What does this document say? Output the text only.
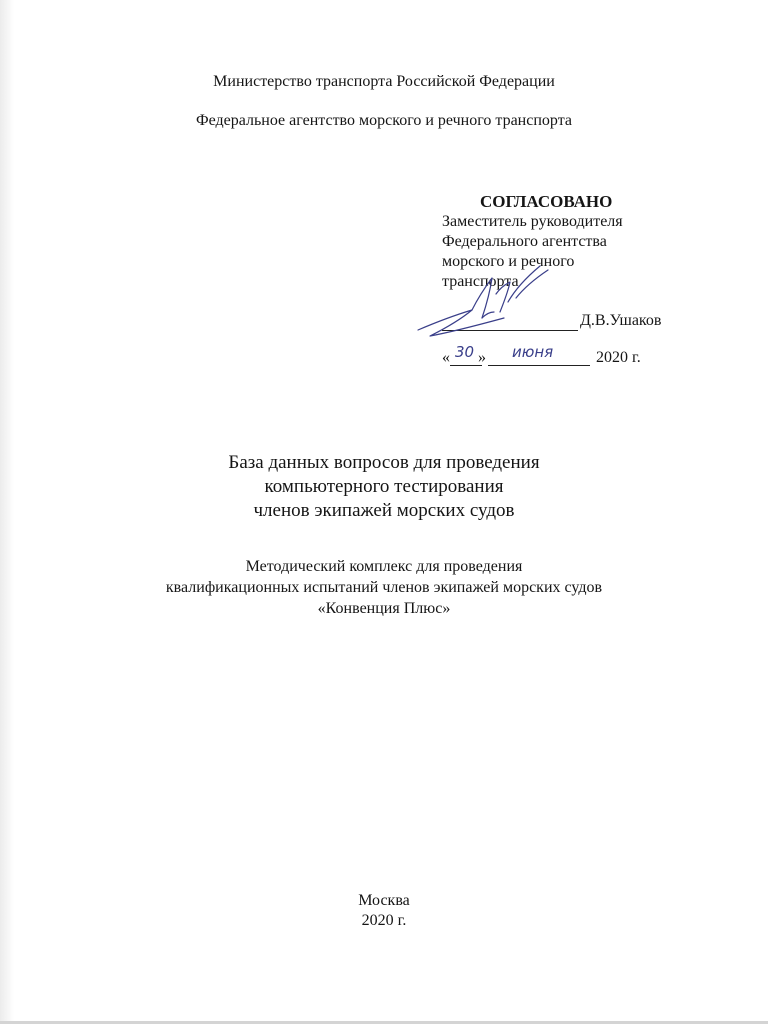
Министерство транспорта Российской Федерации
Федеральное агентство морского и речного транспорта
СОГЛАСОВАНО
Заместитель руководителя
Федерального агентства
морского и речного
транспорта
Д.В.Ушаков
« 30 » июня	2020 г.
База данных вопросов для проведения
компьютерного тестирования
членов экипажей морских судов
Методический комплекс для проведения
квалификационных испытаний членов экипажей морских судов
«Конвенция Плюс»
Москва
2020 г.
